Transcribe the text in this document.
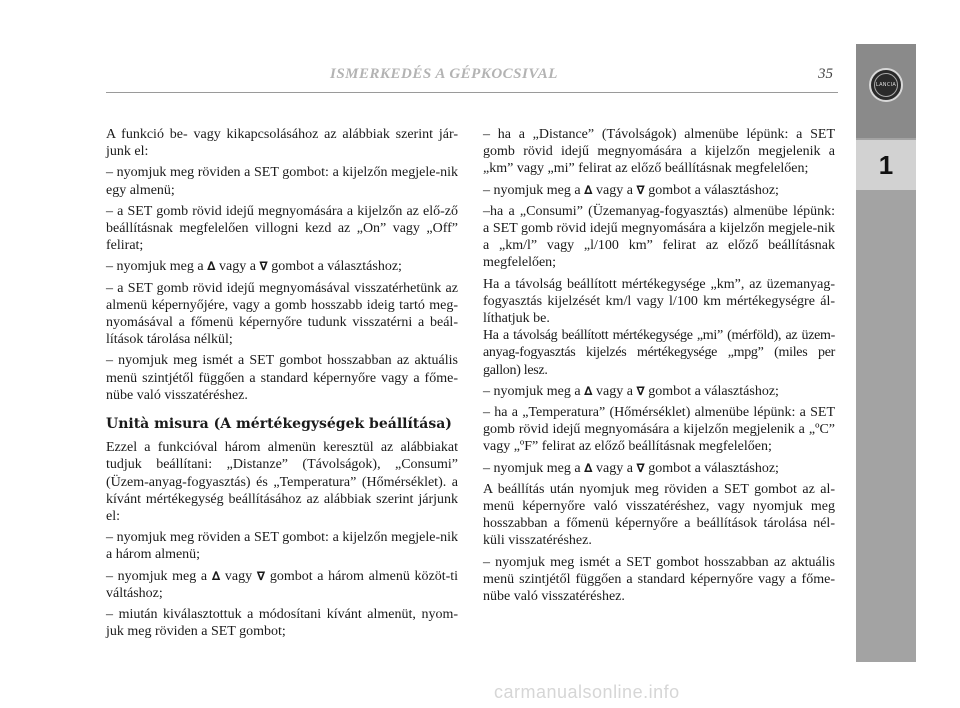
ISMERKEDÉS A GÉPKOCSIVAL	35
LANCIA
1

A funkció be- vagy kikapcsolásához az alábbiak szerint jár-junk el:

– nyomjuk meg röviden a SET gombot: a kijelzőn megjele-nik egy almenü;

– a SET gomb rövid idejű megnyomására a kijelzőn az elő-ző beállításnak megfelelően villogni kezd az „On” vagy „Off” felirat;

– nyomjuk meg a ∆ vagy a ∇ gombot a választáshoz;

– a SET gomb rövid idejű megnyomásával visszatérhetünk az almenü képernyőjére, vagy a gomb hosszabb ideig tartó meg-nyomásával a főmenü képernyőre tudunk visszatérni a beál-lítások tárolása nélkül;

– nyomjuk meg ismét a SET gombot hosszabban az aktuális menü szintjétől függően a standard képernyőre vagy a főme-nübe való visszatéréshez.

Unità misura (A mértékegységek beállítása)

Ezzel a funkcióval három almenün keresztül az alábbiakat tudjuk beállítani: „Distanze” (Távolságok), „Consumi” (Üzem-anyag-fogyasztás) és „Temperatura” (Hőmérséklet). a kívánt mértékegység beállításához az alábbiak szerint járjunk el:

– nyomjuk meg röviden a SET gombot: a kijelzőn megjele-nik a három almenü;

– nyomjuk meg a ∆ vagy ∇ gombot a három almenü közöt-ti váltáshoz;

– miután kiválasztottuk a módosítani kívánt almenüt, nyom-juk meg röviden a SET gombot;

– ha a „Distance” (Távolságok) almenübe lépünk: a SET gomb rövid idejű megnyomására a kijelzőn megjelenik a „km” vagy „mi” felirat az előző beállításnak megfelelően;

– nyomjuk meg a ∆ vagy a ∇ gombot a választáshoz;

–ha a „Consumi” (Üzemanyag-fogyasztás) almenübe lépünk: a SET gomb rövid idejű megnyomására a kijelzőn megjele-nik a „km/l” vagy „l/100 km” felirat az előző beállításnak megfelelően;

Ha a távolság beállított mértékegysége „km”, az üzemanyag-fogyasztás kijelzését km/l vagy l/100 km mértékegységre ál-líthatjuk be.

Ha a távolság beállított mértékegysége „mi” (mérföld), az üzem-anyag-fogyasztás kijelzés mértékegysége „mpg” (miles per gallon) lesz.

– nyomjuk meg a ∆ vagy a ∇ gombot a választáshoz;

– ha a „Temperatura” (Hőmérséklet) almenübe lépünk: a SET gomb rövid idejű megnyomására a kijelzőn megjelenik a „ºC” vagy „ºF” felirat az előző beállításnak megfelelően;

– nyomjuk meg a ∆ vagy a ∇ gombot a választáshoz;

A beállítás után nyomjuk meg röviden a SET gombot az al-menü képernyőre való visszatéréshez, vagy nyomjuk meg hosszabban a főmenü képernyőre a beállítások tárolása nél-küli visszatéréshez.

– nyomjuk meg ismét a SET gombot hosszabban az aktuális menü szintjétől függően a standard képernyőre vagy a főme-nübe való visszatéréshez.

carmanualsonline.info
